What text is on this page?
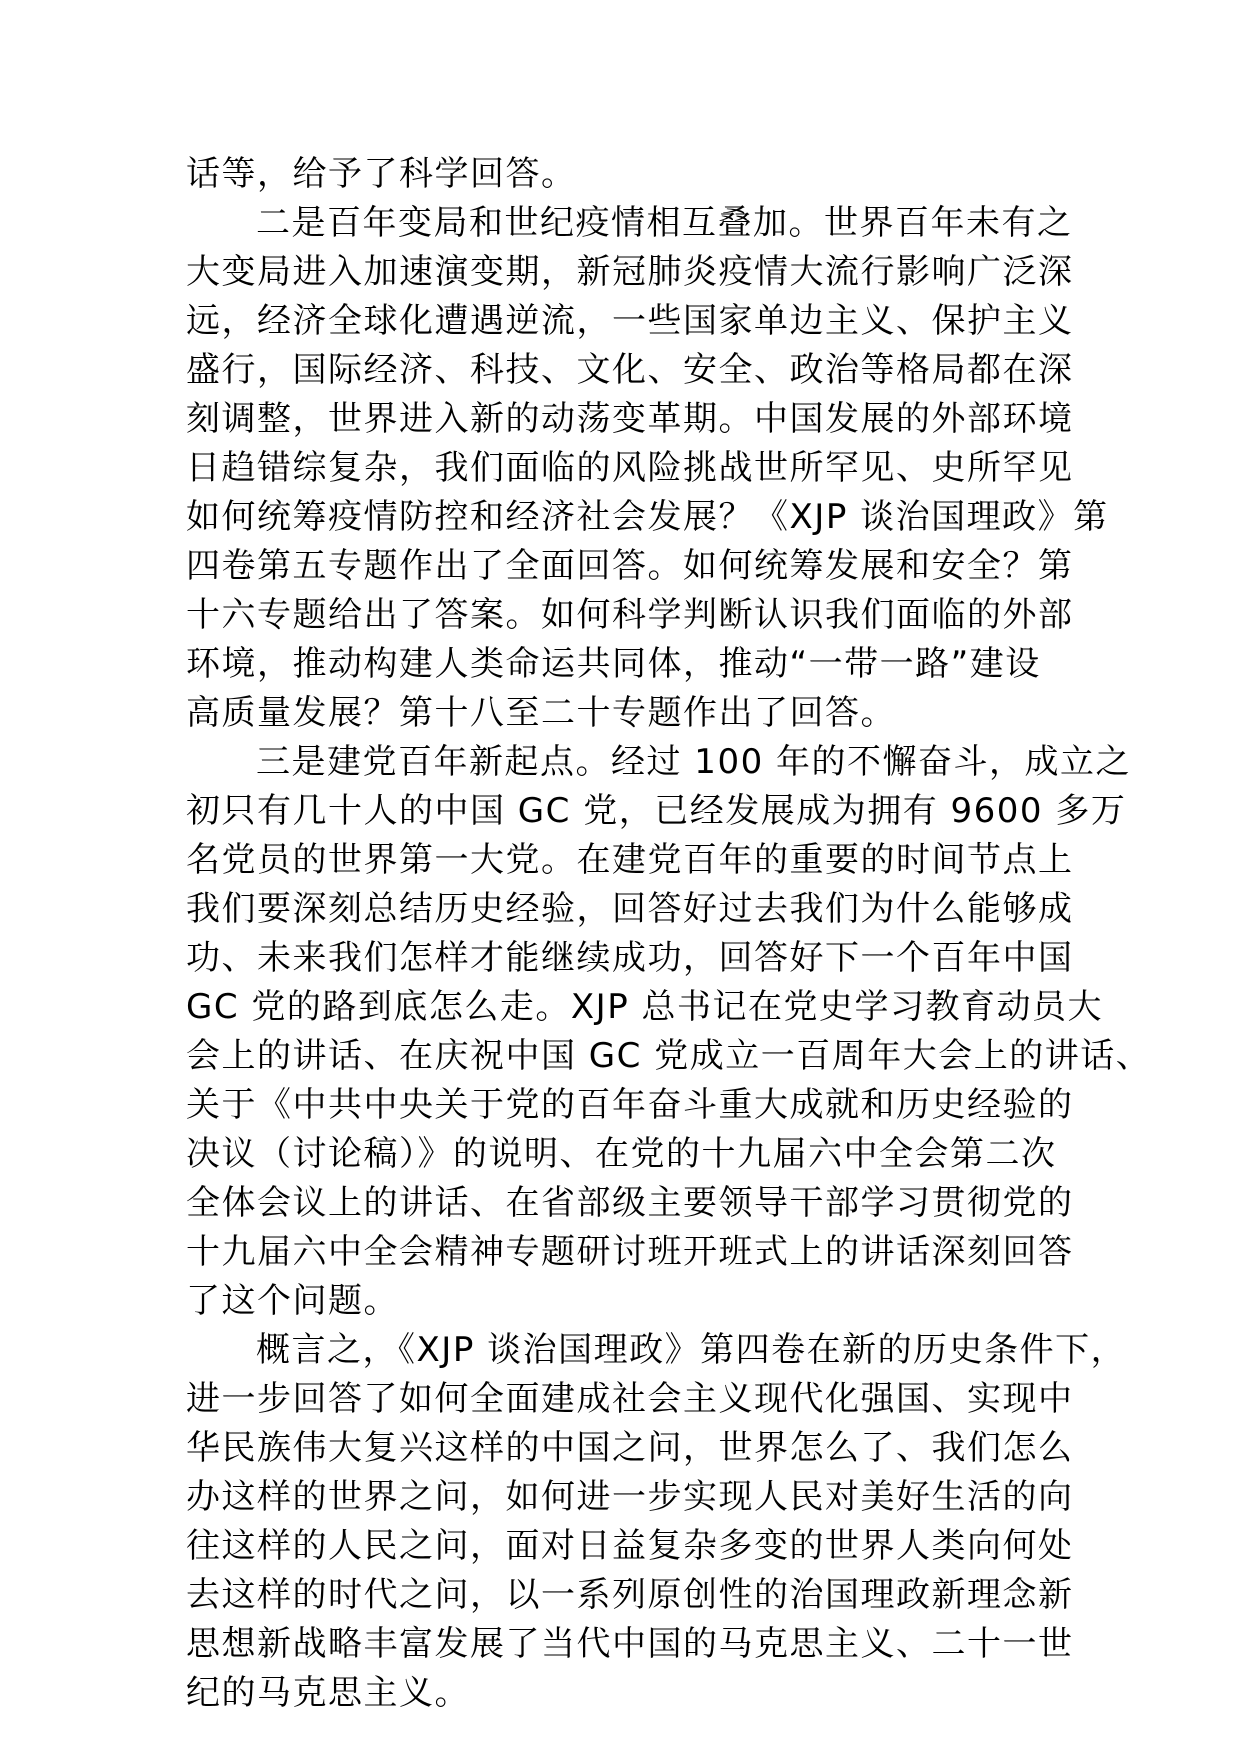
话等，给予了科学回答。
二是百年变局和世纪疫情相互叠加。世界百年未有之
大变局进入加速演变期，新冠肺炎疫情大流行影响广泛深
远，经济全球化遭遇逆流，一些国家单边主义、保护主义
盛行，国际经济、科技、文化、安全、政治等格局都在深
刻调整，世界进入新的动荡变革期。中国发展的外部环境
日趋错综复杂，我们面临的风险挑战世所罕见、史所罕见
如何统筹疫情防控和经济社会发展？《XJP 谈治国理政》第
四卷第五专题作出了全面回答。如何统筹发展和安全？第
十六专题给出了答案。如何科学判断认识我们面临的外部
环境，推动构建人类命运共同体，推动“一带一路”建设
高质量发展？第十八至二十专题作出了回答。
三是建党百年新起点。经过 100 年的不懈奋斗，成立之
初只有几十人的中国 GC 党，已经发展成为拥有 9600 多万
名党员的世界第一大党。在建党百年的重要的时间节点上
我们要深刻总结历史经验，回答好过去我们为什么能够成
功、未来我们怎样才能继续成功，回答好下一个百年中国
GC 党的路到底怎么走。XJP 总书记在党史学习教育动员大
会上的讲话、在庆祝中国 GC 党成立一百周年大会上的讲话、
关于《中共中央关于党的百年奋斗重大成就和历史经验的
决议（讨论稿）》的说明、在党的十九届六中全会第二次
全体会议上的讲话、在省部级主要领导干部学习贯彻党的
十九届六中全会精神专题研讨班开班式上的讲话深刻回答
了这个问题。
概言之，《XJP 谈治国理政》第四卷在新的历史条件下，
进一步回答了如何全面建成社会主义现代化强国、实现中
华民族伟大复兴这样的中国之问，世界怎么了、我们怎么
办这样的世界之问，如何进一步实现人民对美好生活的向
往这样的人民之问，面对日益复杂多变的世界人类向何处
去这样的时代之问，以一系列原创性的治国理政新理念新
思想新战略丰富发展了当代中国的马克思主义、二十一世
纪的马克思主义。
